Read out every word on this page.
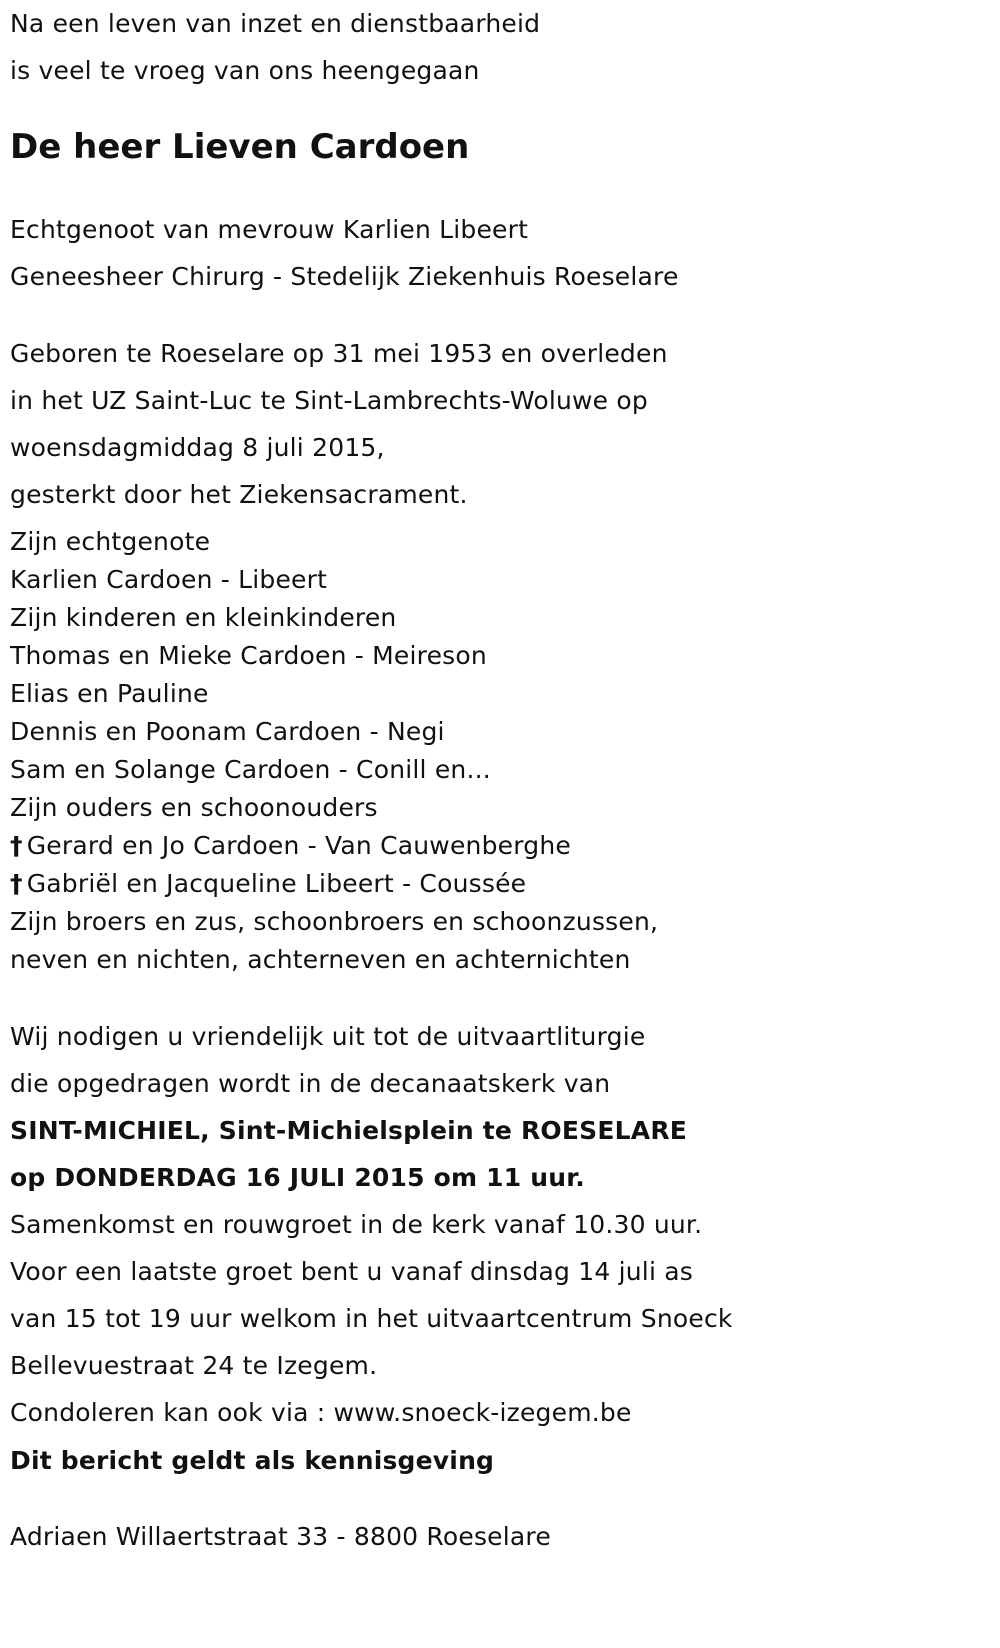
Na een leven van inzet en dienstbaarheid
is veel te vroeg van ons heengegaan
De heer Lieven Cardoen
Echtgenoot van mevrouw Karlien Libeert
Geneesheer Chirurg - Stedelijk Ziekenhuis Roeselare
Geboren te Roeselare op 31 mei 1953 en overleden
in het UZ Saint-Luc te Sint-Lambrechts-Woluwe op
woensdagmiddag 8 juli 2015,
gesterkt door het Ziekensacrament.
Zijn echtgenote
Karlien Cardoen - Libeert
Zijn kinderen en kleinkinderen
Thomas en Mieke Cardoen - Meireson
Elias en Pauline
Dennis en Poonam Cardoen - Negi
Sam en Solange Cardoen - Conill en...
Zijn ouders en schoonouders
† Gerard en Jo Cardoen - Van Cauwenberghe
† Gabriël en Jacqueline Libeert - Coussée
Zijn broers en zus, schoonbroers en schoonzussen,
neven en nichten, achterneven en achternichten
Wij nodigen u vriendelijk uit tot de uitvaartliturgie
die opgedragen wordt in de decanaatskerk van
SINT-MICHIEL, Sint-Michielsplein te ROESELARE
op DONDERDAG 16 JULI 2015 om 11 uur.
Samenkomst en rouwgroet in de kerk vanaf 10.30 uur.
Voor een laatste groet bent u vanaf dinsdag 14 juli as
van 15 tot 19 uur welkom in het uitvaartcentrum Snoeck
Bellevuestraat 24 te Izegem.
Condoleren kan ook via : www.snoeck-izegem.be
Dit bericht geldt als kennisgeving
Adriaen Willaertstraat 33 - 8800 Roeselare
